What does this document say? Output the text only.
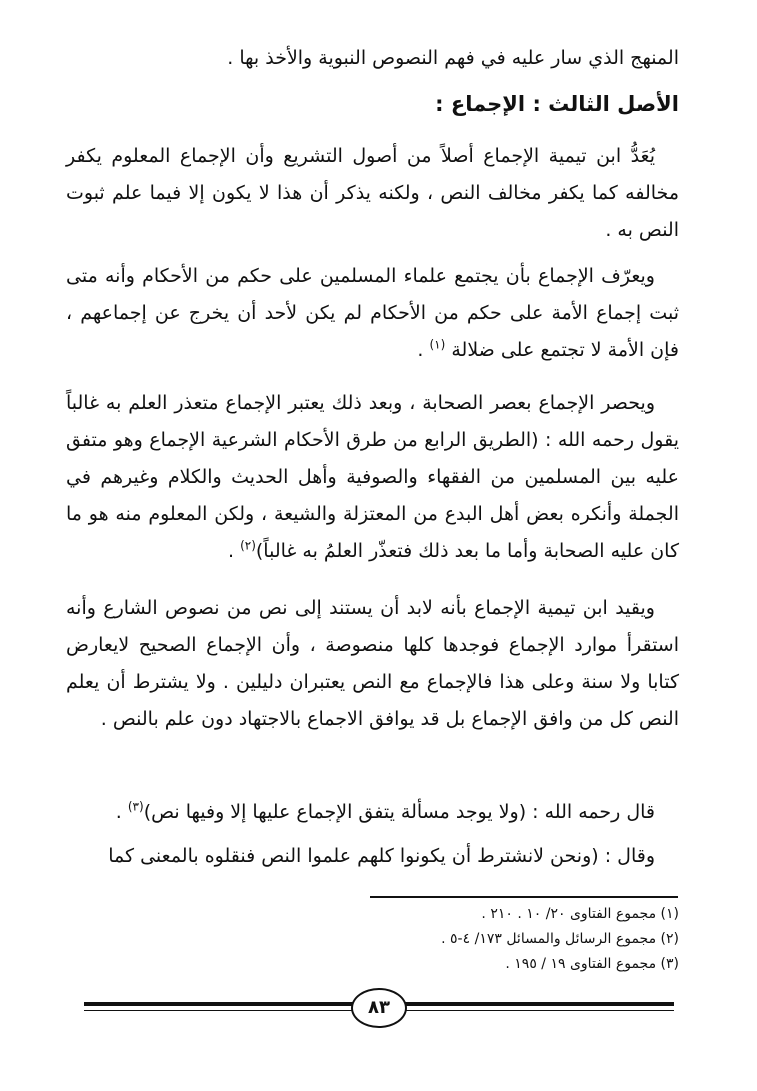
المنهج الذي سار عليه في فهم النصوص النبوية والأخذ بها .

الأصل الثالث : الإجماع :

يُعَدُّ ابن تيمية الإجماع أصلاً من أصول التشريع وأن الإجماع المعلوم يكفر مخالفه كما يكفر مخالف النص ، ولكنه يذكر أن هذا لا يكون إلا فيما علم ثبوت النص به .

ويعرّف الإجماع بأن يجتمع علماء المسلمين على حكم من الأحكام وأنه متى ثبت إجماع الأمة على حكم من الأحكام لم يكن لأحد أن يخرج عن إجماعهم ، فإن الأمة لا تجتمع على ضلالة $^{(١)}$ .

ويحصر الإجماع بعصر الصحابة ، وبعد ذلك يعتبر الإجماع متعذر العلم به غالباً يقول رحمه الله : (الطريق الرابع من طرق الأحكام الشرعية الإجماع وهو متفق عليه بين المسلمين من الفقهاء والصوفية وأهل الحديث والكلام وغيرهم في الجملة وأنكره بعض أهل البدع من المعتزلة والشيعة ، ولكن المعلوم منه هو ما كان عليه الصحابة وأما ما بعد ذلك فتعذّر العلمُ به غالباً)$^{(٢)}$ .

ويقيد ابن تيمية الإجماع بأنه لابد أن يستند إلى نص من نصوص الشارع وأنه استقرأ موارد الإجماع فوجدها كلها منصوصة ، وأن الإجماع الصحيح لايعارض كتابا ولا سنة وعلى هذا فالإجماع مع النص يعتبران دليلين . ولا يشترط أن يعلم النص كل من وافق الإجماع بل قد يوافق الاجماع بالاجتهاد دون علم بالنص .

قال رحمه الله : (ولا يوجد مسألة يتفق الإجماع عليها إلا وفيها نص)$^{(٣)}$ .

وقال : (ونحن لانشترط أن يكونوا كلهم علموا النص فنقلوه بالمعنى كما

(١) مجموع الفتاوى ٢٠/ ١٠ . ٢١٠ .
(٢) مجموع الرسائل والمسائل ١٧٣/ ٤-٥ .
(٣) مجموع الفتاوى ١٩ / ١٩٥ .
٨٣
